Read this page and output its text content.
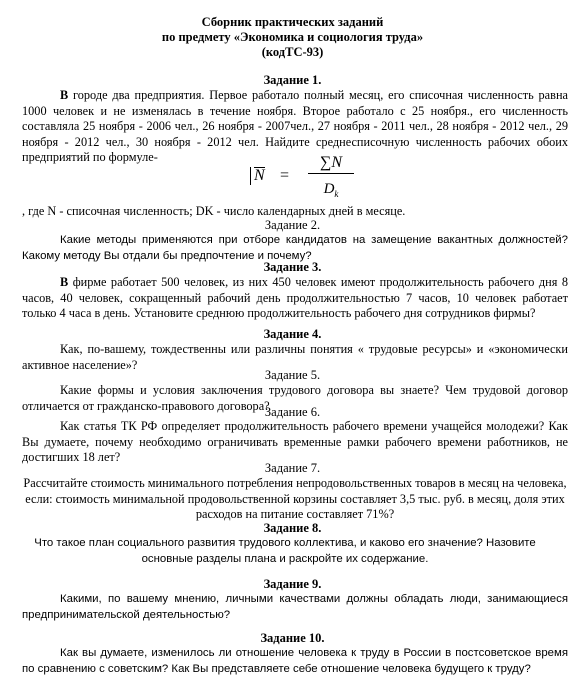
Сборник практических заданий
по предмету «Экономика и социология труда»
(кодТС-93)
Задание 1.
В городе два предприятия. Первое работало полный месяц, его списочная численность равна 1000 человек и не изменялась в течение ноября. Второе работало с 25 ноября., его численность составляла 25 ноября - 2006 чел., 26 ноября - 2007чел., 27 ноября - 2011 чел., 28 ноября - 2012 чел., 29 ноября - 2012 чел., 30 ноября - 2012 чел. Найдите среднесписочную численность рабочих обоих предприятий по формуле-
N =
∑N
$D_k$
, где N - списочная численность; DK - число календарных дней в месяце.
Задание 2.
Какие методы применяются при отборе кандидатов на замещение вакантных должностей? Какому методу Вы отдали бы предпочтение и почему?
Задание 3.
В фирме работает 500 человек, из них 450 человек имеют продолжительность рабочего дня 8 часов, 40 человек, сокращенный рабочий день продолжительностью 7 часов, 10 человек работает только 4 часа в день. Установите среднюю продолжительность рабочего дня сотрудников фирмы?
Задание 4.
Как, по-вашему, тождественны или различны понятия « трудовые ресурсы» и «экономически активное население»?
Задание 5.
Какие формы и условия заключения трудового договора вы знаете? Чем трудовой договор отличается от гражданско-правового договора?
Задание 6.
Как статья ТК РФ определяет продолжительность рабочего времени учащейся молодежи? Как Вы думаете, почему необходимо ограничивать временные рамки рабочего времени работников, не достигших 18 лет?
Задание 7.
Рассчитайте стоимость минимального потребления непродовольственных товаров в месяц на человека, если: стоимость минимальной продовольственной корзины составляет 3,5 тыс. руб. в месяц, доля этих расходов на питание составляет 71%?
Задание 8.
Что такое план социального развития трудового коллектива, и каково его значение? Назовите основные разделы плана и раскройте их содержание.
Задание 9.
Какими, по вашему мнению, личными качествами должны обладать люди, занимающиеся предпринимательской деятельностью?
Задание 10.
Как вы думаете, изменилось ли отношение человека к труду в России в постсоветское время по сравнению с советским? Как Вы представляете себе отношение человека будущего к труду?
